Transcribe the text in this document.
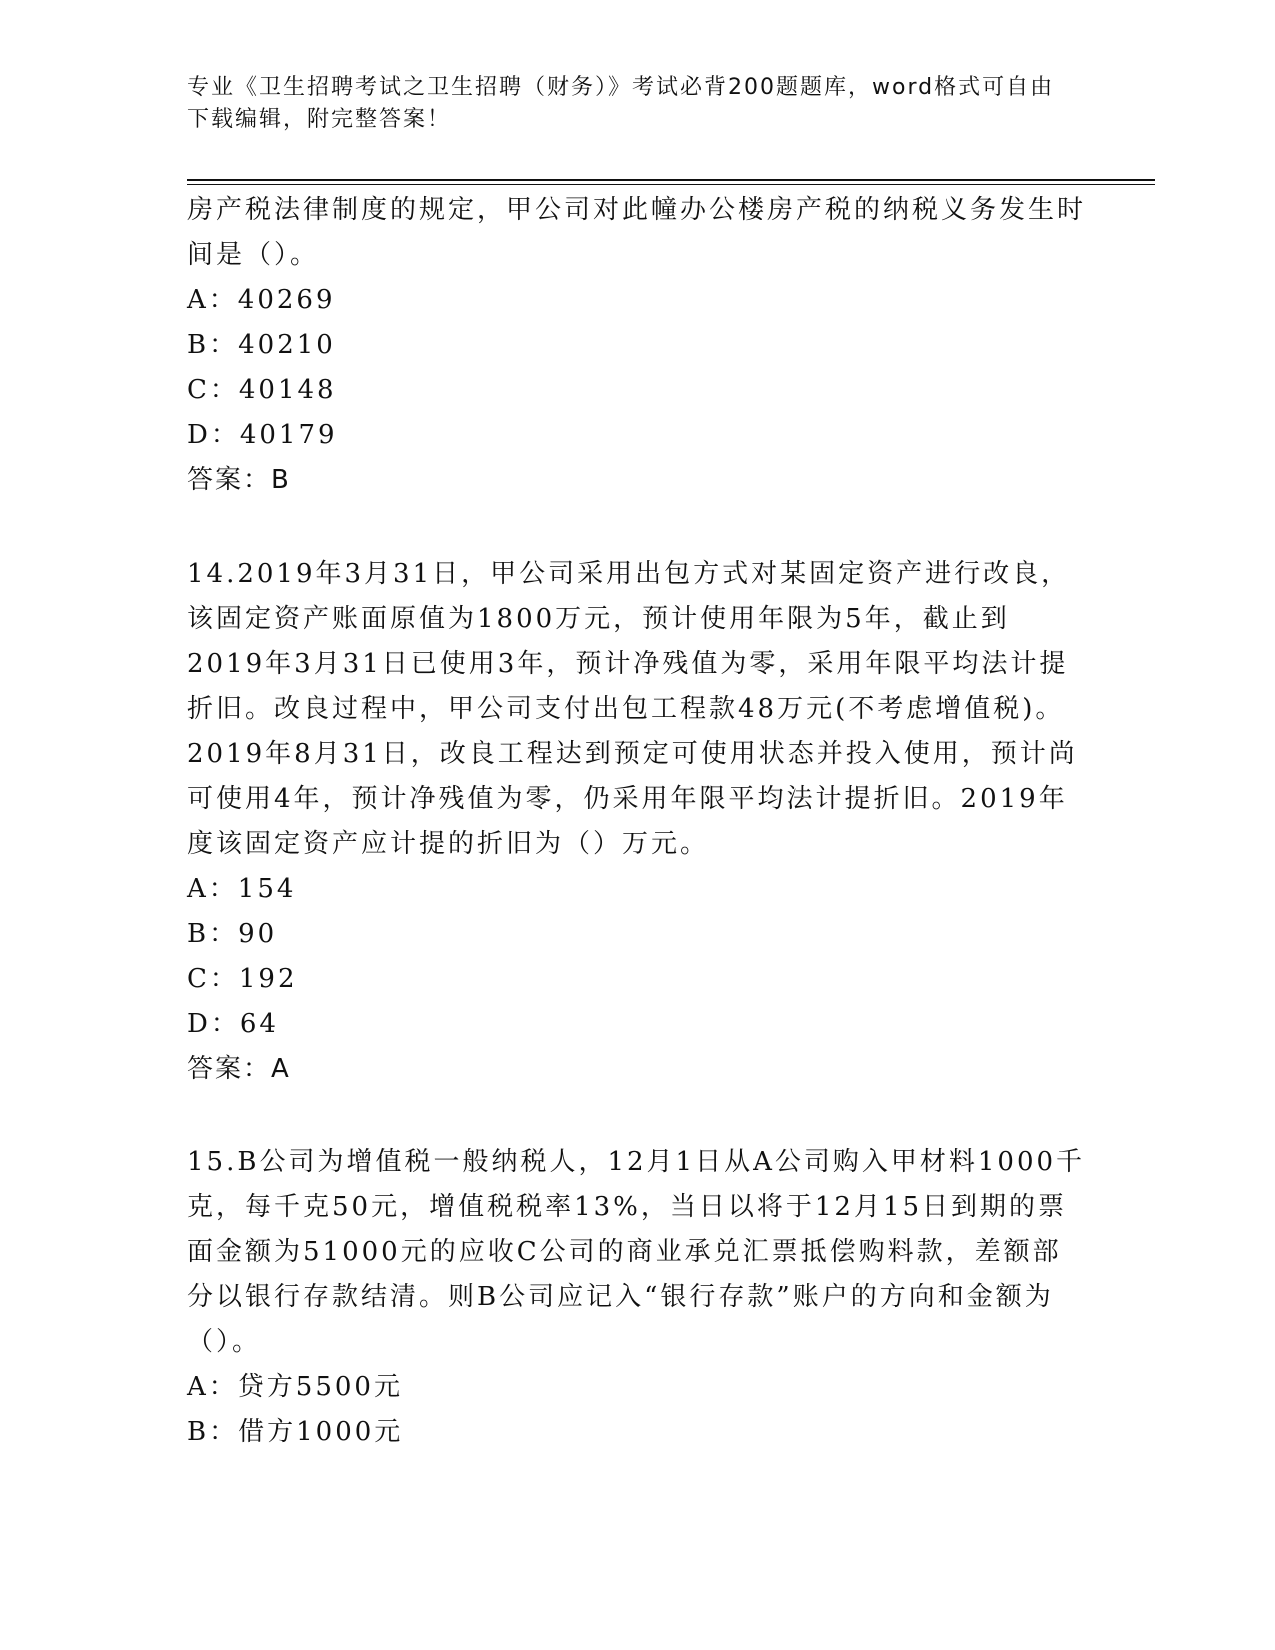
专业《卫生招聘考试之卫生招聘（财务）》考试必背200题题库，word格式可自由下载编辑，附完整答案！

房产税法律制度的规定，甲公司对此幢办公楼房产税的纳税义务发生时间是（）。

A：40269

B：40210

C：40148

D：40179

答案：B

14.2019年3月31日，甲公司采用出包方式对某固定资产进行改良，该固定资产账面原值为1800万元，预计使用年限为5年，截止到2019年3月31日已使用3年，预计净残值为零，采用年限平均法计提折旧。改良过程中，甲公司支付出包工程款48万元(不考虑增值税)。2019年8月31日，改良工程达到预定可使用状态并投入使用，预计尚可使用4年，预计净残值为零，仍采用年限平均法计提折旧。2019年度该固定资产应计提的折旧为（）万元。

A：154

B：90

C：192

D：64

答案：A

15.B公司为增值税一般纳税人，12月1日从A公司购入甲材料1000千克，每千克50元，增值税税率13%，当日以将于12月15日到期的票面金额为51000元的应收C公司的商业承兑汇票抵偿购料款，差额部分以银行存款结清。则B公司应记入“银行存款”账户的方向和金额为（）。

A：贷方5500元

B：借方1000元
